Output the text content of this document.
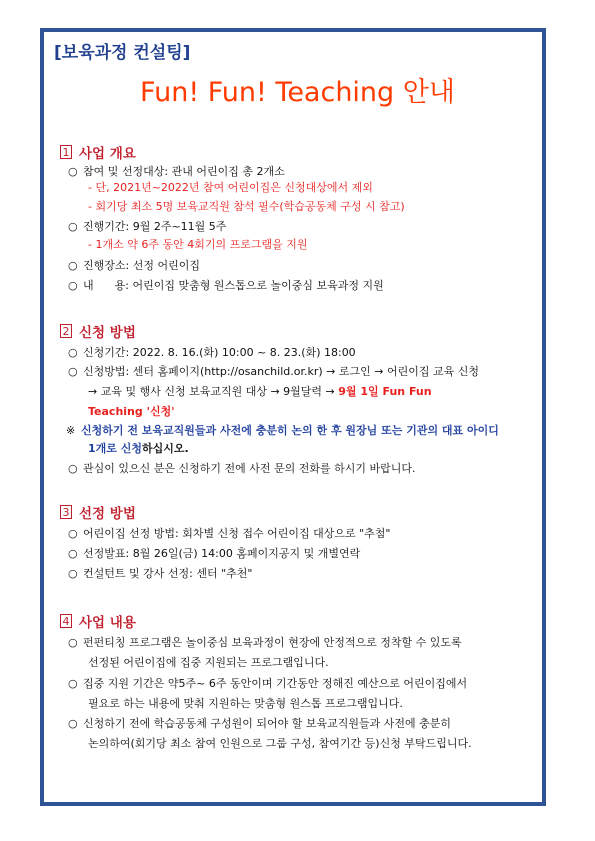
[보육과정 컨설팅]
Fun! Fun! Teaching 안내
1 사업 개요
○ 참여 및 선정대상: 관내 어린이집 총 2개소
- 단, 2021년~2022년 참여 어린이집은 신청대상에서 제외
- 회기당 최소 5명 보육교직원 참석 필수(학습공동체 구성 시 참고)
○ 진행기간: 9월 2주~11월 5주
- 1개소 약 6주 동안 4회기의 프로그램을 지원
○ 진행장소: 선정 어린이집
○ 내      용: 어린이집 맞춤형 원스톱으로 놀이중심 보육과정 지원
2 신청 방법
○ 신청기간: 2022. 8. 16.(화) 10:00 ~ 8. 23.(화) 18:00
○ 신청방법: 센터 홈페이지(http://osanchild.or.kr) → 로그인 → 어린이집 교육 신청
→ 교육 및 행사 신청 보육교직원 대상 → 9월달력 → 9월 1일 Fun Fun
Teaching '신청'
※ 신청하기 전 보육교직원들과 사전에 충분히 논의 한 후 원장님 또는 기관의 대표 아이디
1개로 신청하십시오.
○ 관심이 있으신 분은 신청하기 전에 사전 문의 전화를 하시기 바랍니다.
3 선정 방법
○ 어린이집 선정 방법: 회차별 신청 접수 어린이집 대상으로 "추첨"
○ 선정발표: 8월 26일(금) 14:00 홈페이지공지 및 개별연락
○ 컨설턴트 및 강사 선정: 센터 "추천"
4 사업 내용
○ 펀펀티칭 프로그램은 놀이중심 보육과정이 현장에 안정적으로 정착할 수 있도록
선정된 어린이집에 집중 지원되는 프로그램입니다.
○ 집중 지원 기간은 약5주~ 6주 동안이며 기간동안 정해진 예산으로 어린이집에서
필요로 하는 내용에 맞춰 지원하는 맞춤형 원스톱 프로그램입니다.
○ 신청하기 전에 학습공동체 구성원이 되어야 할 보육교직원들과 사전에 충분히
논의하여(회기당 최소 참여 인원으로 그룹 구성, 참여기간 등)신청 부탁드립니다.
